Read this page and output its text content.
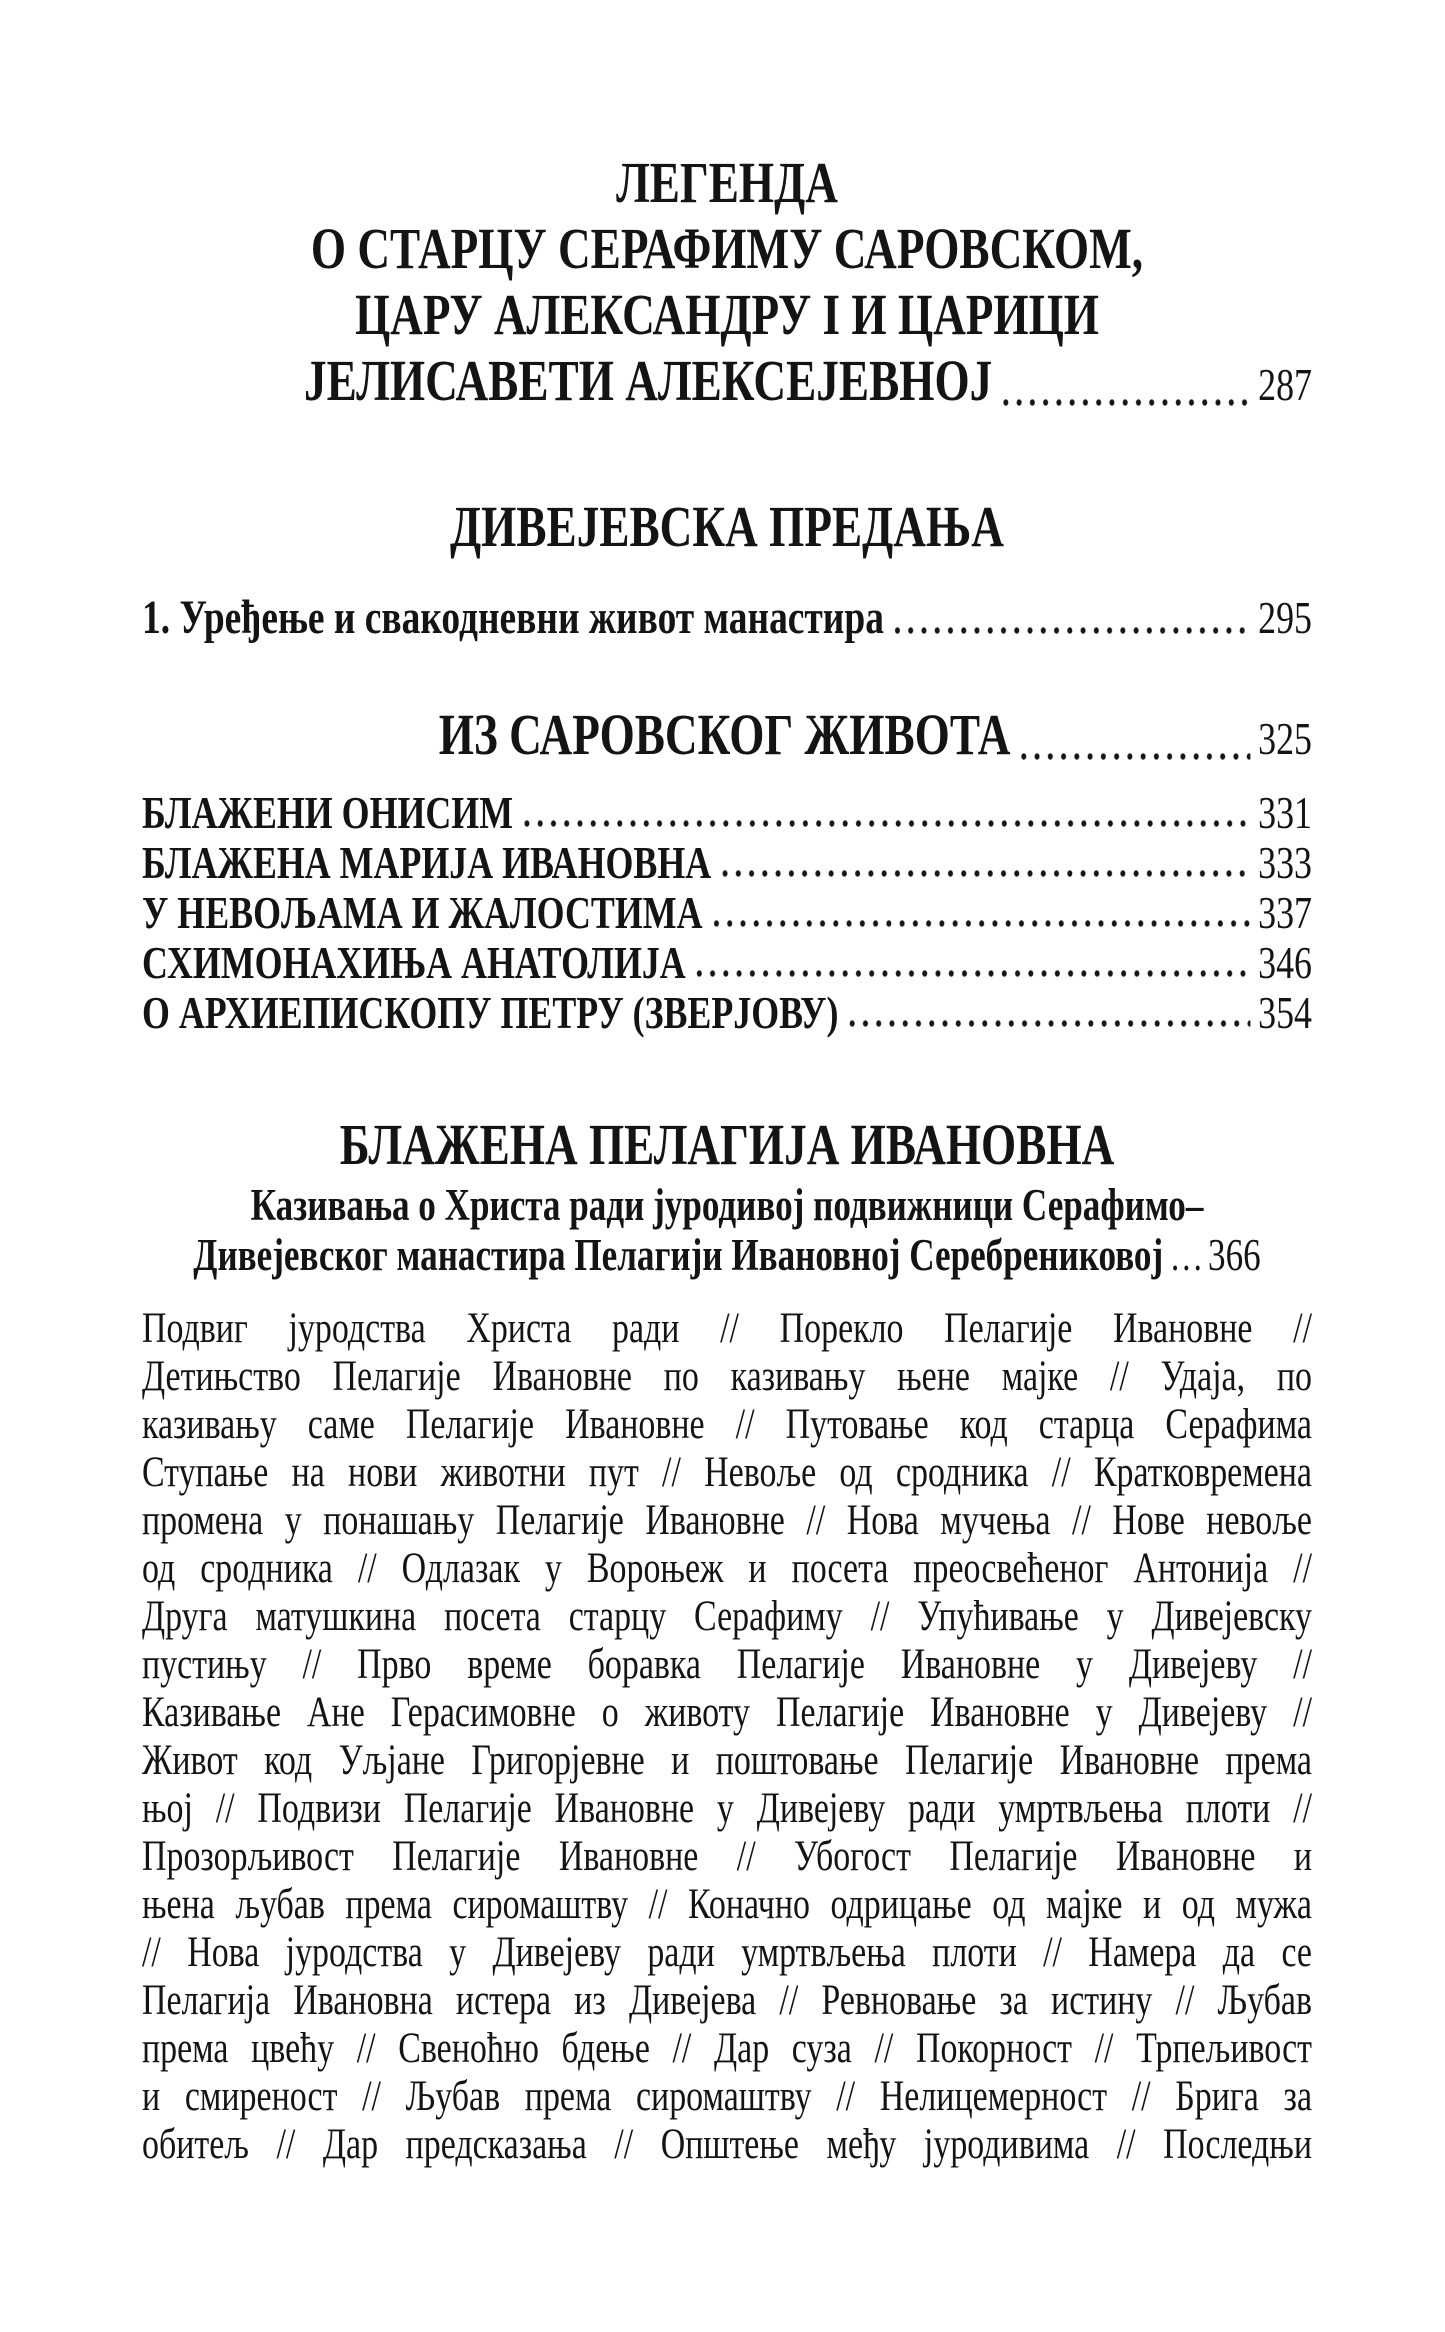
ЛЕГЕНДА
О СТАРЦУ СЕРАФИМУ САРОВСКОМ,
ЦАРУ АЛЕКСАНДРУ I И ЦАРИЦИ
ЈЕЛИСАВЕТИ АЛЕКСЕЈЕВНОЈ	287
ДИВЕЈЕВСКА ПРЕДАЊА
1. Уређење и свакодневни живот манастира	295
ИЗ САРОВСКОГ ЖИВОТА	325
БЛАЖЕНИ ОНИСИМ	331
БЛАЖЕНА МАРИЈА ИВАНОВНА	333
У НЕВОЉАМА И ЖАЛОСТИМА	337
СХИМОНАХИЊА АНАТОЛИЈА	346
О АРХИЕПИСКОПУ ПЕТРУ (ЗВЕРЈОВУ)	354
БЛАЖЕНА ПЕЛАГИЈА ИВАНОВНА
Казивања о Христа ради јуродивој подвижници Серафимо–
Дивејевског манастира Пелагији Ивановној Серебрениковој ...366
Подвиг јуродства Христа ради // Порекло Пелагије Ивановне //
Детињство Пелагије Ивановне по казивању њене мајке // Удаја, по
казивању саме Пелагије Ивановне // Путовање код старца Серафима
Ступање на нови животни пут // Невоље од сродника // Кратковремена
промена у понашању Пелагије Ивановне // Нова мучења // Нове невоље
од сродника // Одлазак у Вороњеж и посета преосвећеног Антонија //
Друга матушкина посета старцу Серафиму // Упућивање у Дивејевску
пустињу // Прво време боравка Пелагије Ивановне у Дивејеву //
Казивање Ане Герасимовне о животу Пелагије Ивановне у Дивејеву //
Живот код Уљјане Григорјевне и поштовање Пелагије Ивановне према
њој // Подвизи Пелагије Ивановне у Дивејеву ради умртвљења плоти //
Прозорљивост Пелагије Ивановне // Убогост Пелагије Ивановне и
њена љубав према сиромаштву // Коначно одрицање од мајке и од мужа
// Нова јуродства у Дивејеву ради умртвљења плоти // Намера да се
Пелагија Ивановна истера из Дивејева // Ревновање за истину // Љубав
према цвећу // Свеноћно бдење // Дар суза // Покорност // Трпељивост
и смиреност // Љубав према сиромаштву // Нелицемерност // Брига за
обитељ // Дар предсказања // Општење међу јуродивима // Последњи
